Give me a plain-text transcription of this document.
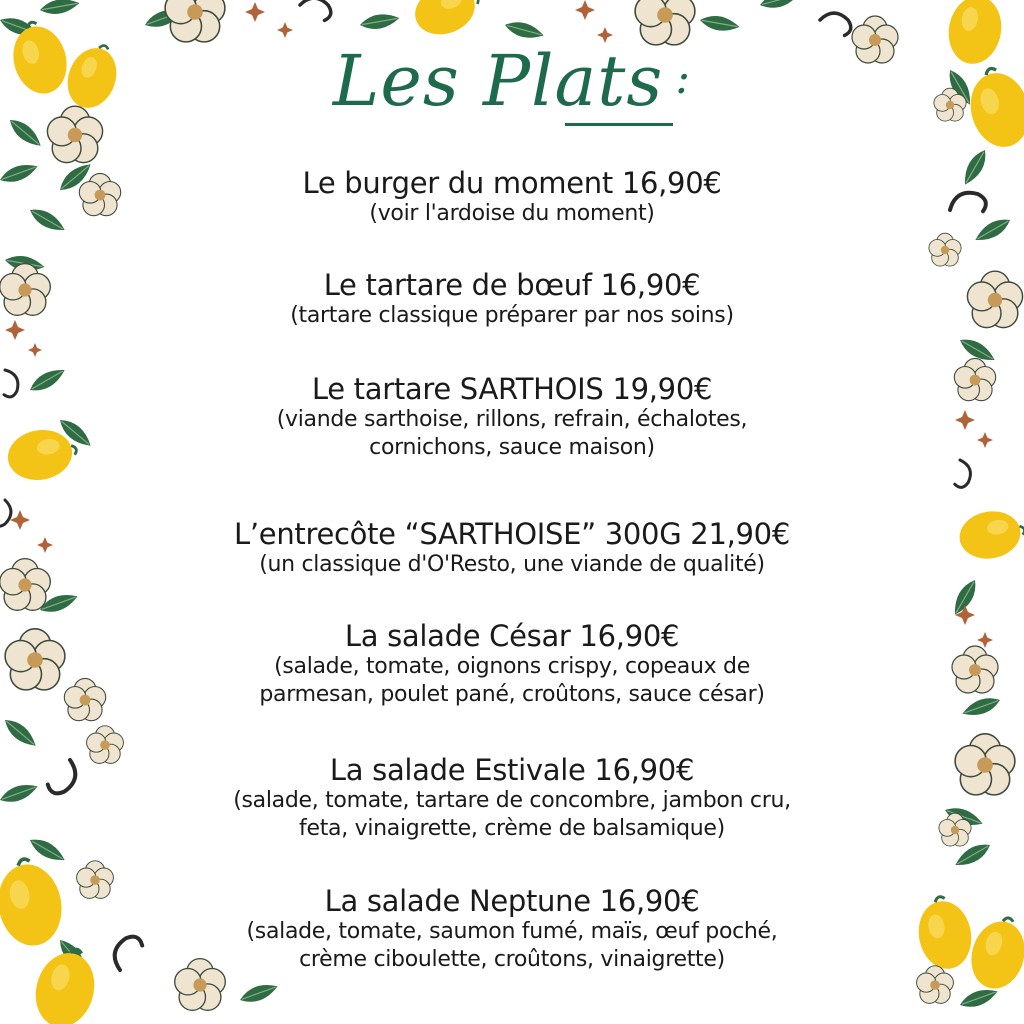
Les Plats :
Le burger du moment 16,90€
(voir l'ardoise du moment)
Le tartare de bœuf 16,90€
(tartare classique préparer par nos soins)
Le tartare SARTHOIS 19,90€
(viande sarthoise, rillons, refrain, échalotes,
cornichons, sauce maison)
L’entrecôte “SARTHOISE” 300G 21,90€
(un classique d'O'Resto, une viande de qualité)
La salade César 16,90€
(salade, tomate, oignons crispy, copeaux de
parmesan, poulet pané, croûtons, sauce césar)
La salade Estivale 16,90€
(salade, tomate, tartare de concombre, jambon cru,
feta, vinaigrette, crème de balsamique)
La salade Neptune 16,90€
(salade, tomate, saumon fumé, maïs, œuf poché,
crème ciboulette, croûtons, vinaigrette)
